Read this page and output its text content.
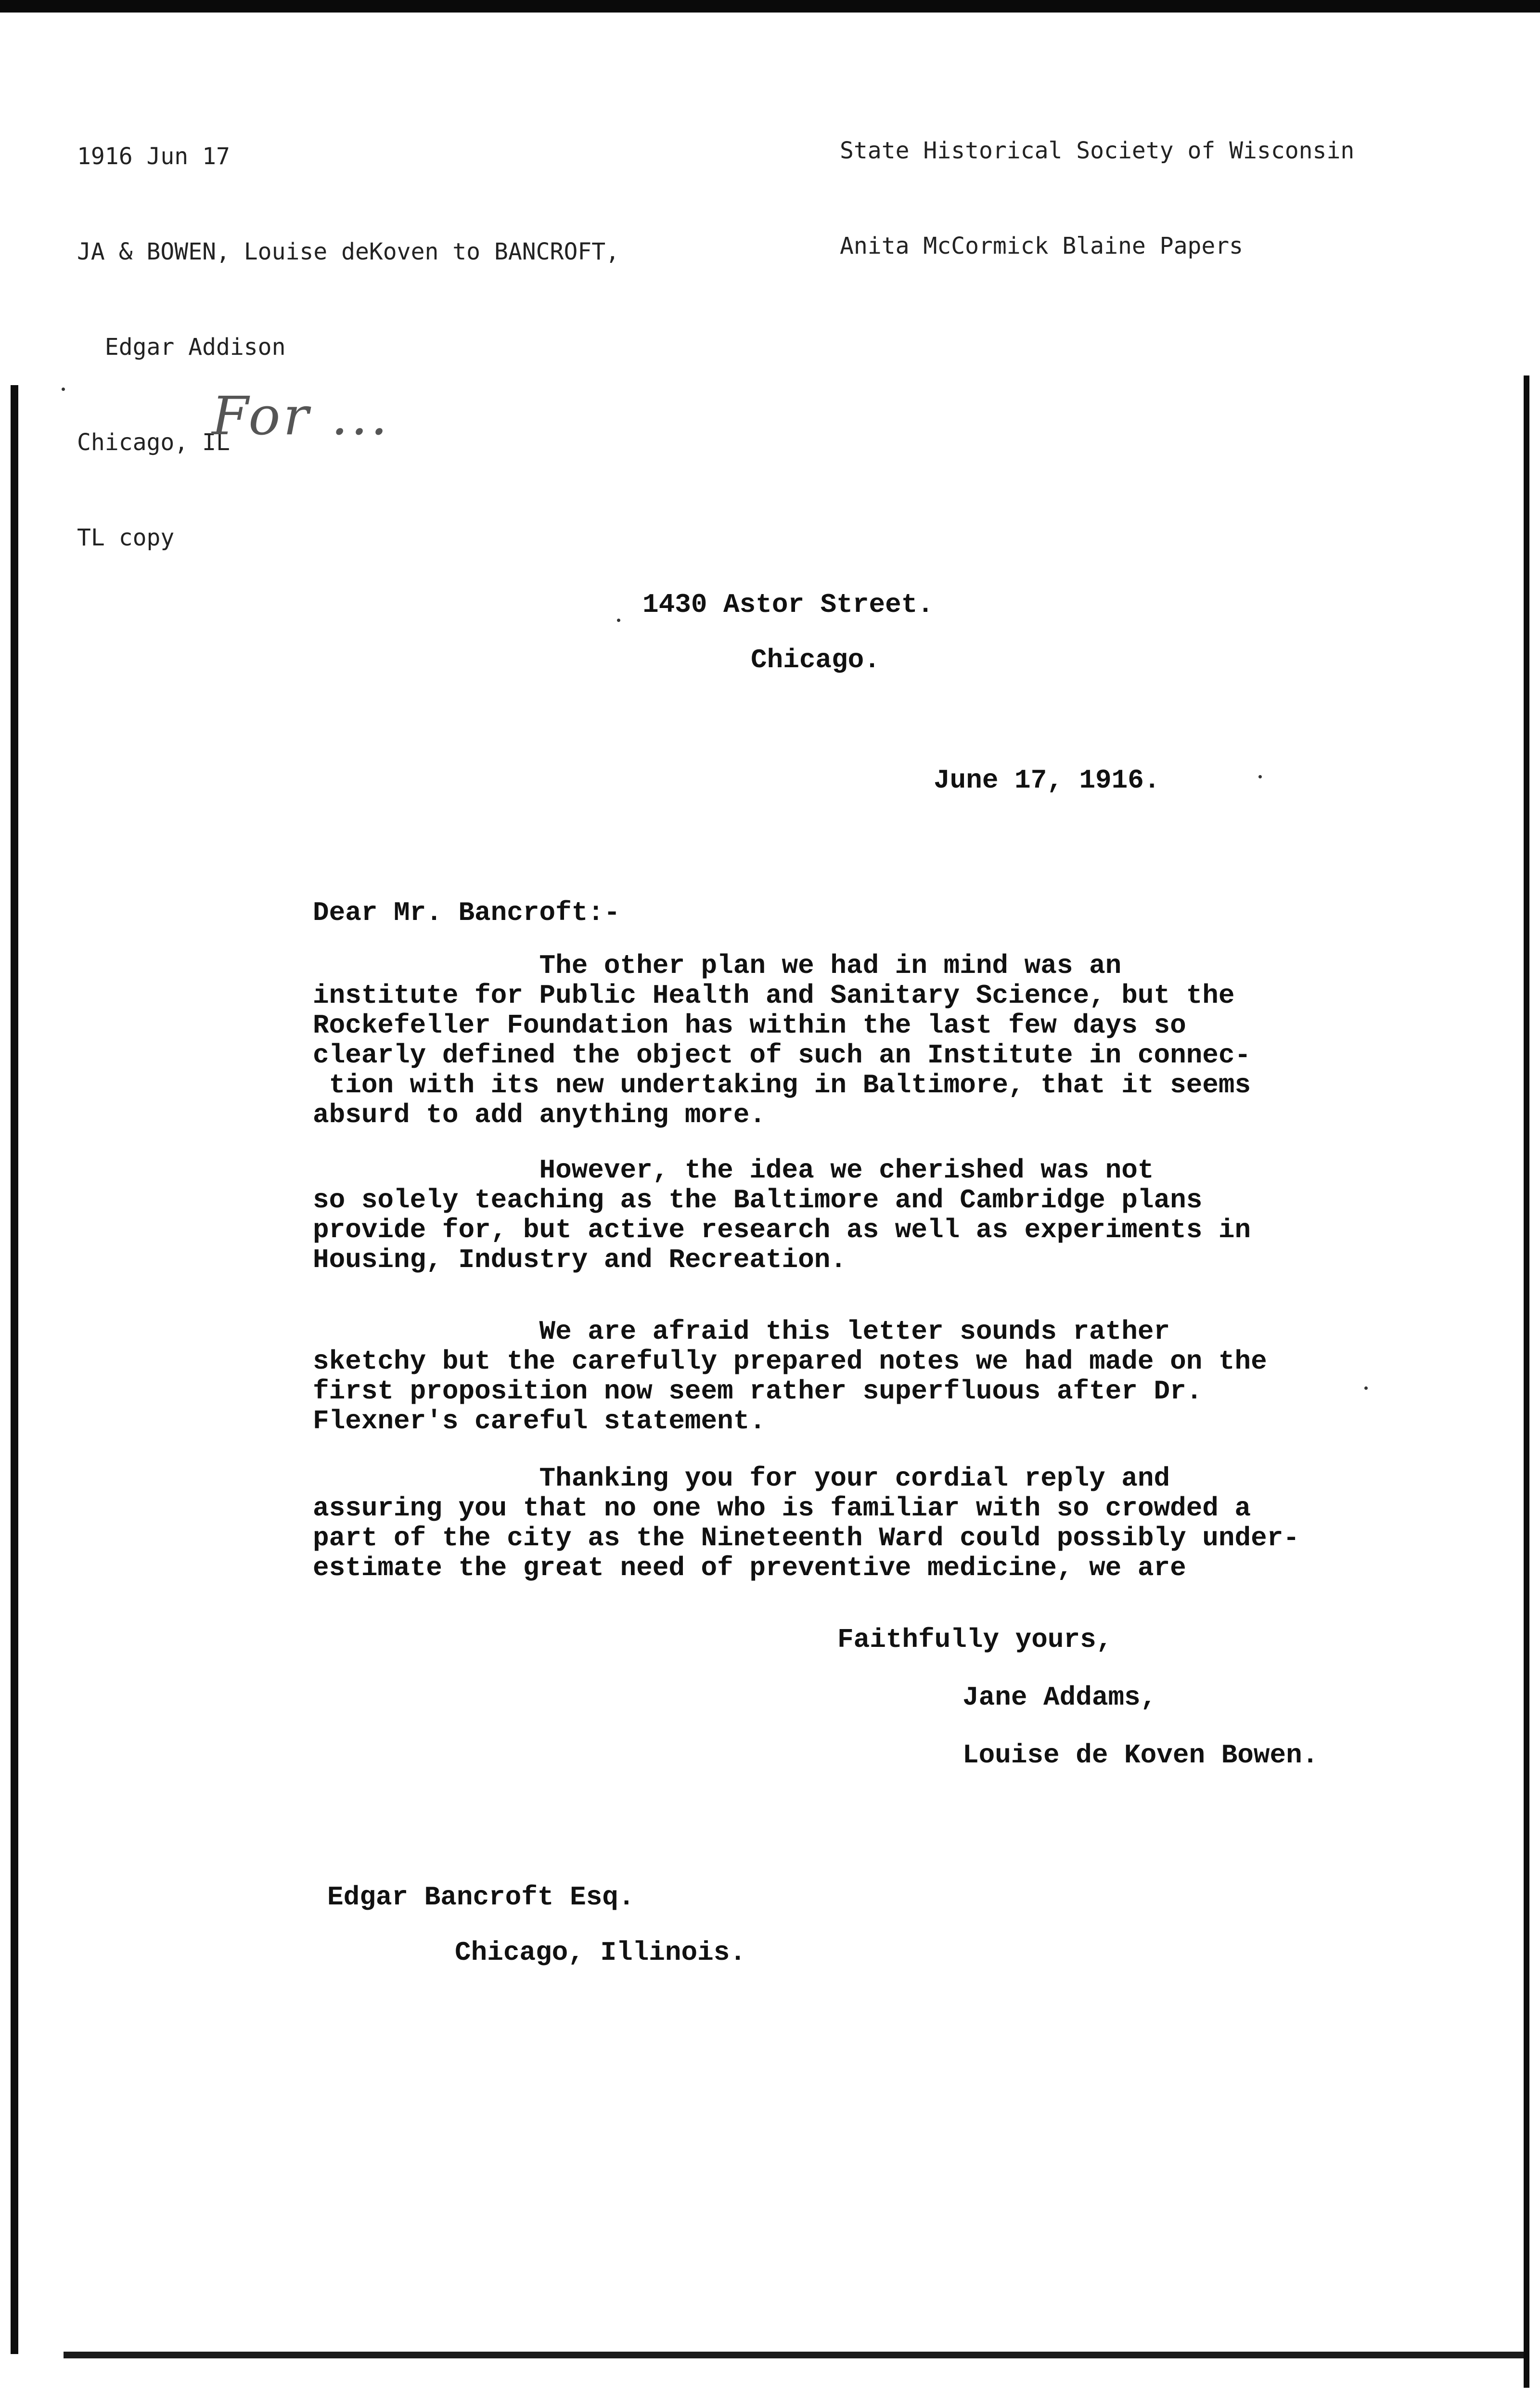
1916 Jun 17

JA & BOWEN, Louise deKoven to BANCROFT,

Edgar Addison

Chicago, IL

TL copy

State Historical Society of Wisconsin

Anita McCormick Blaine Papers

For ...
1430 Astor Street.
Chicago.
June 17, 1916.
Dear Mr. Bancroft:-
The other plan we had in mind was an
institute for Public Health and Sanitary Science, but the
Rockefeller Foundation has within the last few days so
clearly defined the object of such an Institute in connec-
tion with its new undertaking in Baltimore, that it seems
absurd to add anything more.
However, the idea we cherished was not
so solely teaching as the Baltimore and Cambridge plans
provide for, but active research as well as experiments in
Housing, Industry and Recreation.
We are afraid this letter sounds rather
sketchy but the carefully prepared notes we had made on the
first proposition now seem rather superfluous after Dr.
Flexner's careful statement.
Thanking you for your cordial reply and
assuring you that no one who is familiar with so crowded a
part of the city as the Nineteenth Ward could possibly under-
estimate the great need of preventive medicine, we are
Faithfully yours,
Jane Addams,
Louise de Koven Bowen.
Edgar Bancroft Esq.
Chicago, Illinois.
